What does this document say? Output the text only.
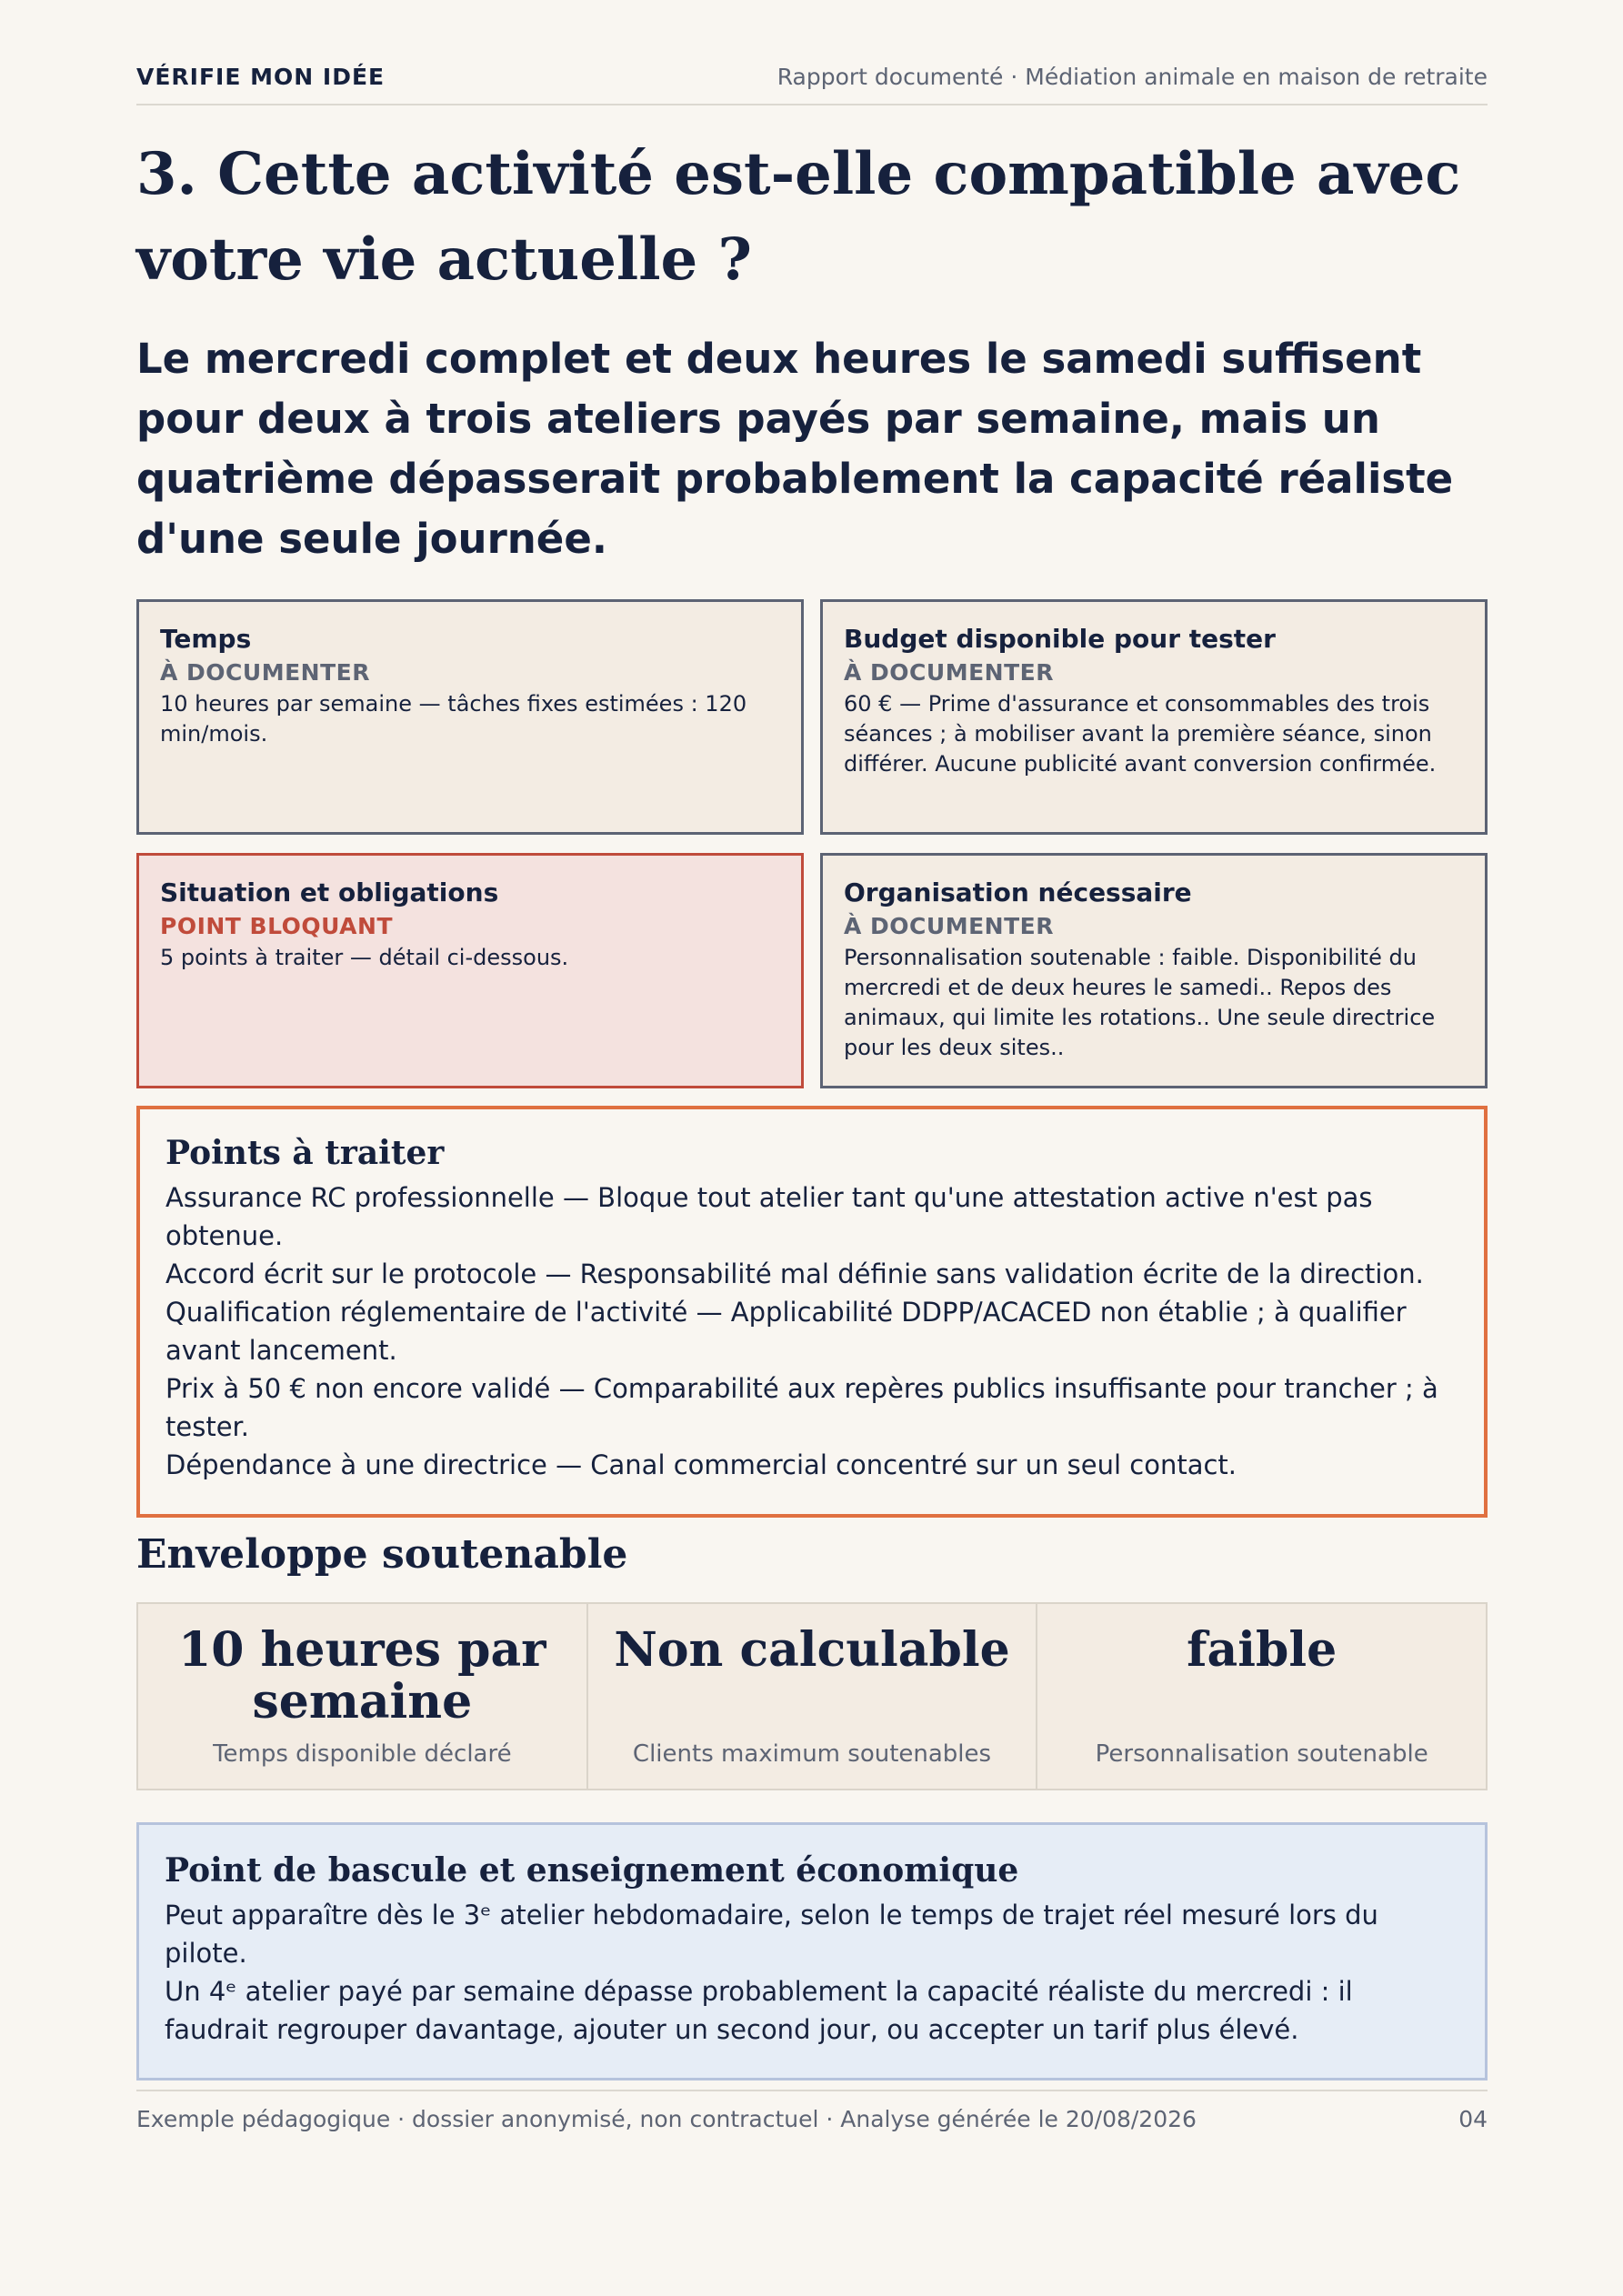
VÉRIFIE MON IDÉE	Rapport documenté · Médiation animale en maison de retraite
3. Cette activité est-elle compatible avec votre vie actuelle ?

Le mercredi complet et deux heures le samedi suffisent pour deux à trois ateliers payés par semaine, mais un quatrième dépasserait probablement la capacité réaliste d'une seule journée.

Temps
À DOCUMENTER
10 heures par semaine — tâches fixes estimées : 120 min/mois.
Budget disponible pour tester
À DOCUMENTER
60 € — Prime d'assurance et consommables des trois séances ; à mobiliser avant la première séance, sinon différer. Aucune publicité avant conversion confirmée.
Situation et obligations
POINT BLOQUANT
5 points à traiter — détail ci-dessous.
Organisation nécessaire
À DOCUMENTER
Personnalisation soutenable : faible. Disponibilité du mercredi et de deux heures le samedi.. Repos des animaux, qui limite les rotations.. Une seule directrice pour les deux sites..
Points à traiter
Assurance RC professionnelle — Bloque tout atelier tant qu'une attestation active n'est pas obtenue.
Accord écrit sur le protocole — Responsabilité mal définie sans validation écrite de la direction.
Qualification réglementaire de l'activité — Applicabilité DDPP/ACACED non établie ; à qualifier avant lancement.
Prix à 50 € non encore validé — Comparabilité aux repères publics insuffisante pour trancher ; à tester.
Dépendance à une directrice — Canal commercial concentré sur un seul contact.
Enveloppe soutenable
10 heures par semaine
Temps disponible déclaré
Non calculable
Clients maximum soutenables
faible
Personnalisation soutenable
Point de bascule et enseignement économique

Peut apparaître dès le 3ᵉ atelier hebdomadaire, selon le temps de trajet réel mesuré lors du pilote.

Un 4ᵉ atelier payé par semaine dépasse probablement la capacité réaliste du mercredi : il faudrait regrouper davantage, ajouter un second jour, ou accepter un tarif plus élevé.

Exemple pédagogique · dossier anonymisé, non contractuel · Analyse générée le 20/08/2026	04
